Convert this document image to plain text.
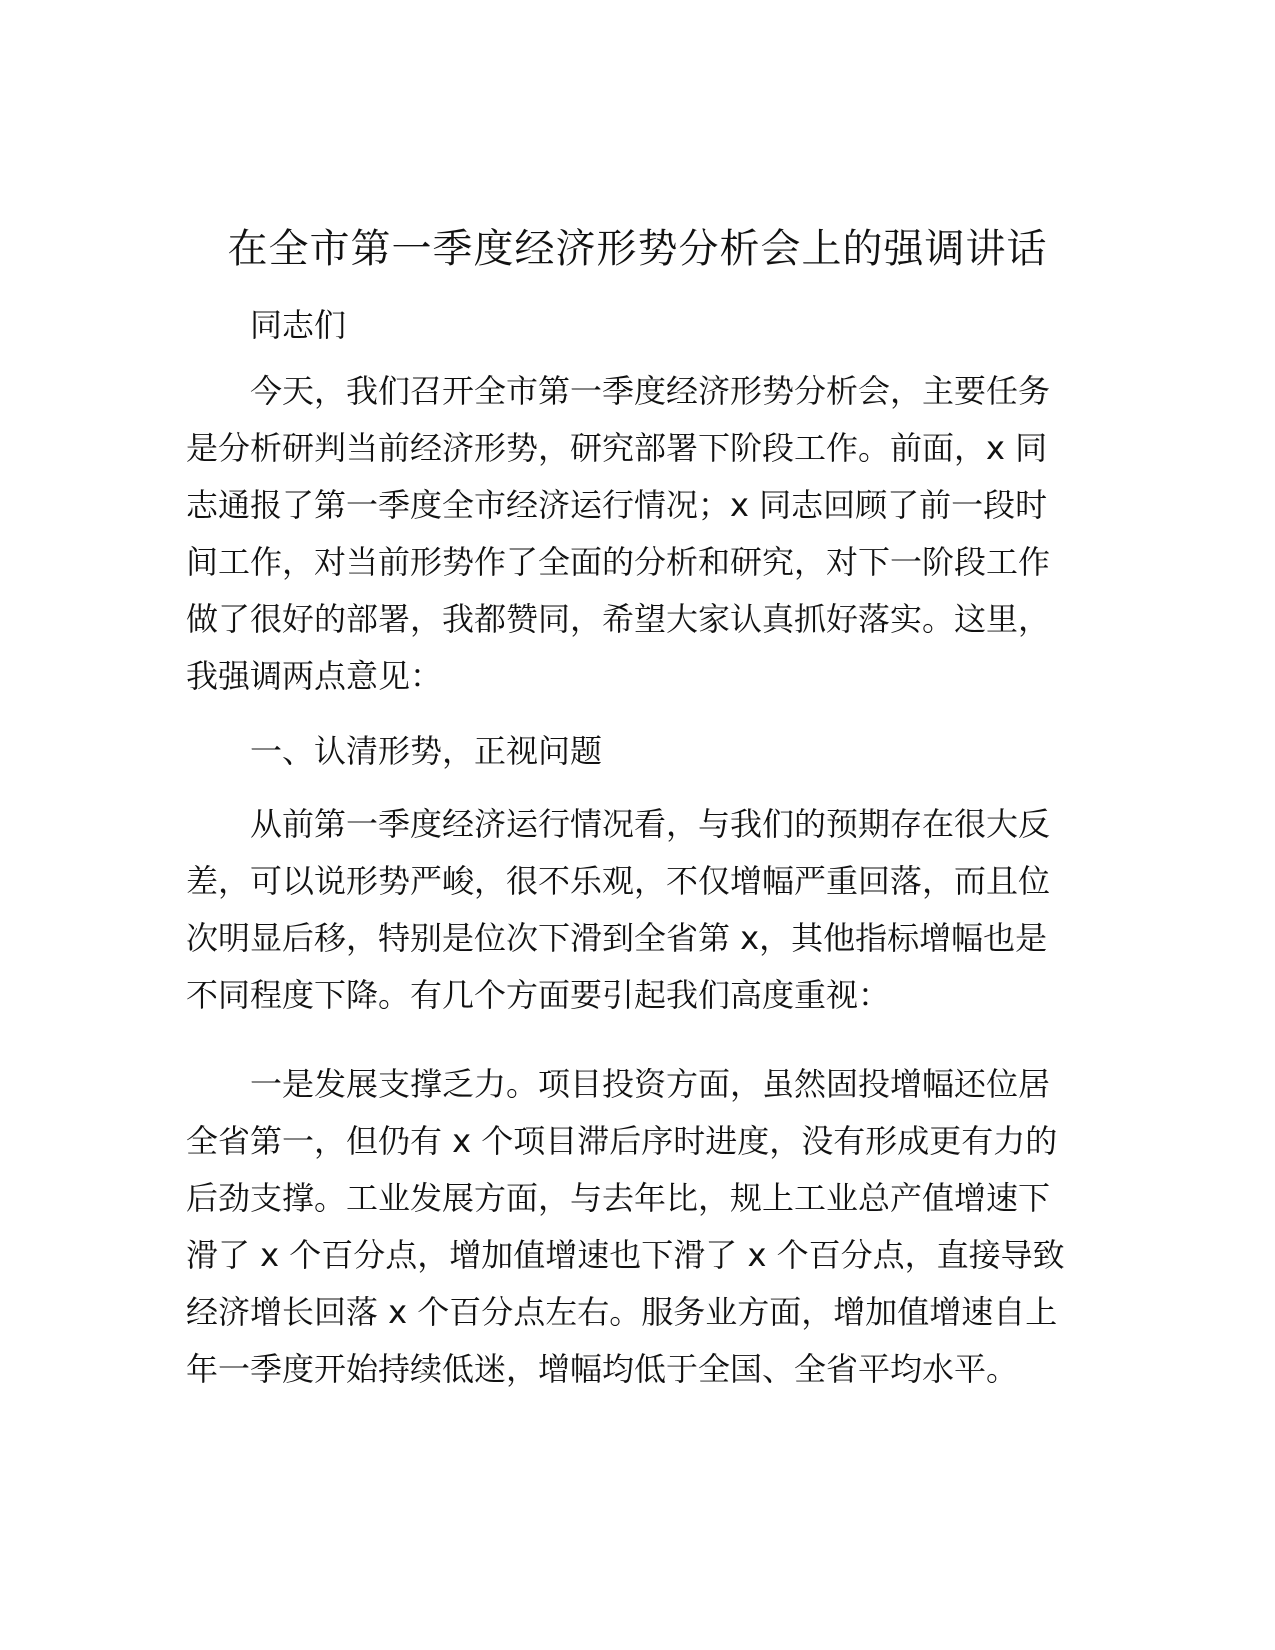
在全市第一季度经济形势分析会上的强调讲话
同志们
今天，我们召开全市第一季度经济形势分析会，主要任务
是分析研判当前经济形势，研究部署下阶段工作。前面，x 同
志通报了第一季度全市经济运行情况；x 同志回顾了前一段时
间工作，对当前形势作了全面的分析和研究，对下一阶段工作
做了很好的部署，我都赞同，希望大家认真抓好落实。这里，
我强调两点意见：
一、认清形势，正视问题
从前第一季度经济运行情况看，与我们的预期存在很大反
差，可以说形势严峻，很不乐观，不仅增幅严重回落，而且位
次明显后移，特别是位次下滑到全省第 x，其他指标增幅也是
不同程度下降。有几个方面要引起我们高度重视：
一是发展支撑乏力。项目投资方面，虽然固投增幅还位居
全省第一，但仍有 x 个项目滞后序时进度，没有形成更有力的
后劲支撑。工业发展方面，与去年比，规上工业总产值增速下
滑了 x 个百分点，增加值增速也下滑了 x 个百分点，直接导致
经济增长回落 x 个百分点左右。服务业方面，增加值增速自上
年一季度开始持续低迷，增幅均低于全国、全省平均水平。
